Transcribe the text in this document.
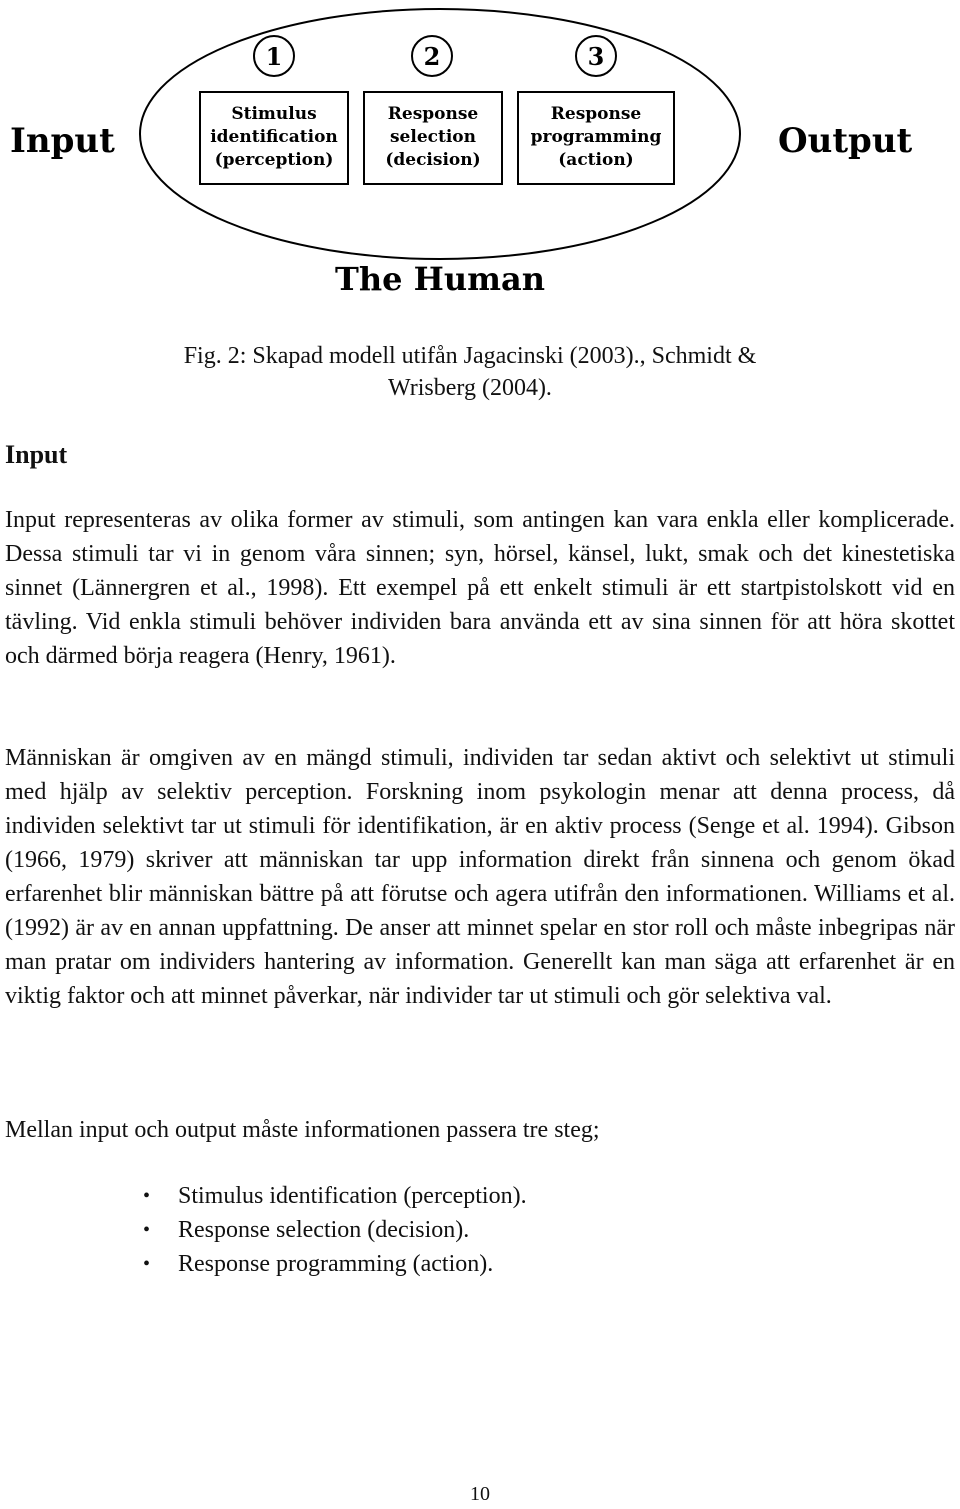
1	2	3
Stimulus
identification
(perception)
Response
selection
(decision)
Response
programming
(action)
Input	Output
The Human
Fig. 2: Skapad modell utifån Jagacinski (2003)., Schmidt &
Wrisberg (2004).
Input

Input representeras av olika former av stimuli, som antingen kan vara enkla eller komplicerade. Dessa stimuli tar vi in genom våra sinnen; syn, hörsel, känsel, lukt, smak och det kinestetiska sinnet (Lännergren et al., 1998). Ett exempel på ett enkelt stimuli är ett startpistolskott vid en tävling. Vid enkla stimuli behöver individen bara använda ett av sina sinnen för att höra skottet och därmed börja reagera (Henry, 1961).

Människan är omgiven av en mängd stimuli, individen tar sedan aktivt och selektivt ut stimuli med hjälp av selektiv perception. Forskning inom psykologin menar att denna process, då individen selektivt tar ut stimuli för identifikation, är en aktiv process (Senge et al. 1994). Gibson (1966, 1979) skriver att människan tar upp information direkt från sinnena och genom ökad erfarenhet blir människan bättre på att förutse och agera utifrån den informationen. Williams et al. (1992) är av en annan uppfattning. De anser att minnet spelar en stor roll och måste inbegripas när man pratar om individers hantering av information. Generellt kan man säga att erfarenhet är en viktig faktor och att minnet påverkar, när individer tar ut stimuli och gör selektiva val.

Mellan input och output måste informationen passera tre steg;

• Stimulus identification (perception).
• Response selection (decision).
• Response programming (action).
10
